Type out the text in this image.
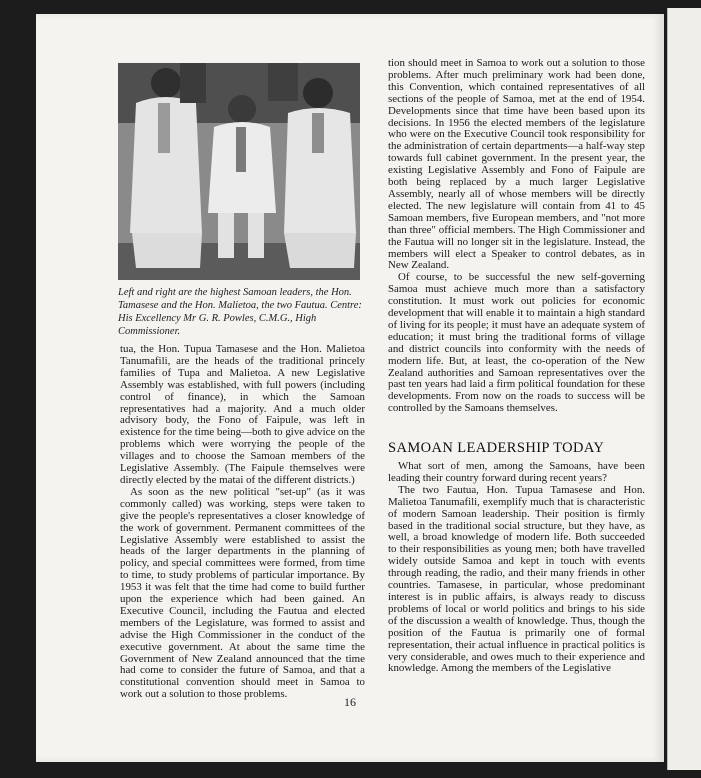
Left and right are the highest Samoan leaders, the Hon. Tamasese and the Hon. Malietoa, the two Fautua. Centre: His Excellency Mr G. R. Powles, C.M.G., High Commissioner.

tua, the Hon. Tupua Tamasese and the Hon. Malietoa Tanumafili, are the heads of the traditional princely families of Tupa and Malietoa. A new Legislative Assembly was established, with full powers (including control of finance), in which the Samoan representatives had a majority. And a much older advisory body, the Fono of Faipule, was left in existence for the time being—both to give advice on the problems which were worrying the people of the villages and to choose the Samoan members of the Legislative Assembly. (The Faipule themselves were directly elected by the matai of the different districts.)

As soon as the new political "set-up" (as it was commonly called) was working, steps were taken to give the people's representatives a closer knowledge of the work of government. Permanent committees of the Legislative Assembly were established to assist the heads of the larger departments in the planning of policy, and special committees were formed, from time to time, to study problems of particular importance. By 1953 it was felt that the time had come to build further upon the experience which had been gained. An Executive Council, including the Fautua and elected members of the Legislature, was formed to assist and advise the High Commissioner in the conduct of the executive government. At about the same time the Government of New Zealand announced that the time had come to consider the future of Samoa, and that a constitutional convention should meet in Samoa to work out a solution to those problems.

tion should meet in Samoa to work out a solution to those problems. After much preliminary work had been done, this Convention, which contained representatives of all sections of the people of Samoa, met at the end of 1954. Developments since that time have been based upon its decisions. In 1956 the elected members of the legislature who were on the Executive Council took responsibility for the administration of certain departments—a half-way step towards full cabinet government. In the present year, the existing Legislative Assembly and Fono of Faipule are both being replaced by a much larger Legislative Assembly, nearly all of whose members will be directly elected. The new legislature will contain from 41 to 45 Samoan members, five European members, and "not more than three" official members. The High Commissioner and the Fautua will no longer sit in the legislature. Instead, the members will elect a Speaker to control debates, as in New Zealand.

Of course, to be successful the new self-governing Samoa must achieve much more than a satisfactory constitution. It must work out policies for economic development that will enable it to maintain a high standard of living for its people; it must have an adequate system of education; it must bring the traditional forms of village and district councils into conformity with the needs of modern life. But, at least, the co-operation of the New Zealand authorities and Samoan representatives over the past ten years had laid a firm political foundation for these developments. From now on the roads to success will be controlled by the Samoans themselves.

SAMOAN LEADERSHIP TODAY

What sort of men, among the Samoans, have been leading their country forward during recent years?

The two Fautua, Hon. Tupua Tamasese and Hon. Malietoa Tanumafili, exemplify much that is characteristic of modern Samoan leadership. Their position is firmly based in the traditional social structure, but they have, as well, a broad knowledge of modern life. Both succeeded to their responsibilities as young men; both have travelled widely outside Samoa and kept in touch with events through reading, the radio, and their many friends in other countries. Tamasese, in particular, whose predominant interest is in public affairs, is always ready to discuss problems of local or world politics and brings to his side of the discussion a wealth of knowledge. Thus, though the position of the Fautua is primarily one of formal representation, their actual influence in practical politics is very considerable, and owes much to their experience and knowledge. Among the members of the Legislative

16
